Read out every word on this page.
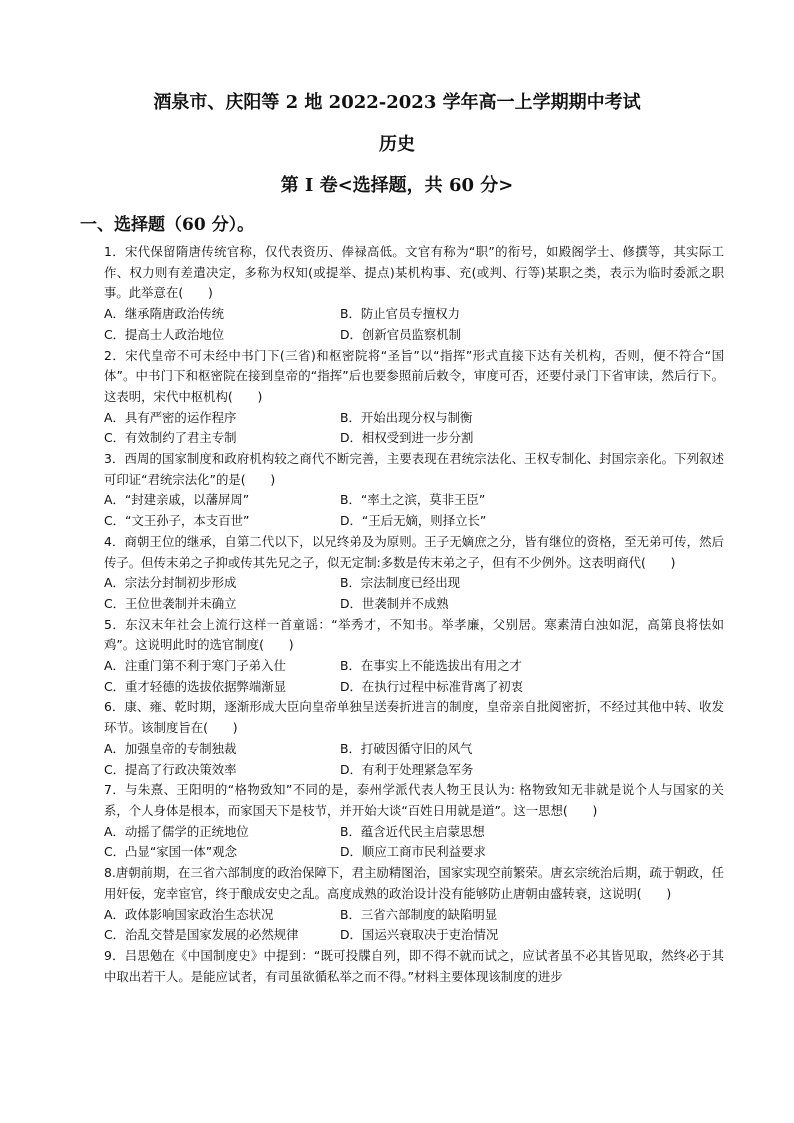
酒泉市、庆阳等 2 地 2022-2023 学年高一上学期期中考试
历史
第 I 卷<选择题，共 60 分>
一、选择题（60 分）。
1．宋代保留隋唐传统官称，仅代表资历、俸禄高低。文官有称为“职”的衔号，如殿阁学士、修撰等，其实际工作、权力则有差遣决定，多称为权知(或提举、提点)某机构事、充(或判、行等)某职之类，表示为临时委派之职事。此举意在(　　)
A．继承隋唐政治传统	B．防止官员专擅权力
C．提高士人政治地位	D．创新官员监察机制
2．宋代皇帝不可未经中书门下(三省)和枢密院将“圣旨”以“指挥”形式直接下达有关机构，否则，便不符合“国体”。中书门下和枢密院在接到皇帝的“指挥”后也要参照前后敕令，审度可否，还要付录门下省审读，然后行下。这表明，宋代中枢机构(　　)
A．具有严密的运作程序	B．开始出现分权与制衡
C．有效制约了君主专制	D．相权受到进一步分割
3．西周的国家制度和政府机构较之商代不断完善，主要表现在君统宗法化、王权专制化、封国宗亲化。下列叙述可印证“君统宗法化”的是(　　)
A．“封建亲戚，以藩屏周”	B．“率土之滨，莫非王臣”
C．“文王孙子，本支百世”	D．“王后无嫡，则择立长”
4．商朝王位的继承，自第二代以下，以兄终弟及为原则。王子无嫡庶之分，皆有继位的资格，至无弟可传，然后传子。但传末弟之子抑或传其先兄之子，似无定制:多数是传末弟之子，但有不少例外。这表明商代(　　)
A．宗法分封制初步形成	B．宗法制度已经出现
C．王位世袭制并未确立	D．世袭制并不成熟
5．东汉末年社会上流行这样一首童谣：“举秀才，不知书。举孝廉，父别居。寒素清白浊如泥，高第良将怯如鸡”。这说明此时的选官制度(　　)
A．注重门第不利于寒门子弟入仕	B．在事实上不能选拔出有用之才
C．重才轻德的选拔依据弊端渐显	D．在执行过程中标准背离了初衷
6．康、雍、乾时期，逐渐形成大臣向皇帝单独呈送奏折进言的制度，皇帝亲自批阅密折，不经过其他中转、收发环节。该制度旨在(　　)
A．加强皇帝的专制独裁	B．打破因循守旧的风气
C．提高了行政决策效率	D．有利于处理紧急军务
7．与朱熹、王阳明的“格物致知”不同的是，泰州学派代表人物王艮认为: 格物致知无非就是说个人与国家的关系，个人身体是根本，而家国天下是枝节，并开始大谈“百姓日用就是道”。这一思想(　　)
A．动摇了儒学的正统地位	B．蕴含近代民主启蒙思想
C．凸显“家国一体”观念	D．顺应工商市民利益要求
8.唐朝前期，在三省六部制度的政治保障下，君主励精图治，国家实现空前繁荣。唐玄宗统治后期，疏于朝政，任用奸佞，宠幸宦官，终于酿成安史之乱。高度成熟的政治设计没有能够防止唐朝由盛转衰，这说明(　　)
A．政体影响国家政治生态状况	B．三省六部制度的缺陷明显
C．治乱交替是国家发展的必然规律	D．国运兴衰取决于吏治情况
9．吕思勉在《中国制度史》中提到：“既可投牒自列，即不得不就而试之，应试者虽不必其皆见取，然终必于其中取出若干人。是能应试者，有司虽欲循私举之而不得。”材料主要体现该制度的进步
